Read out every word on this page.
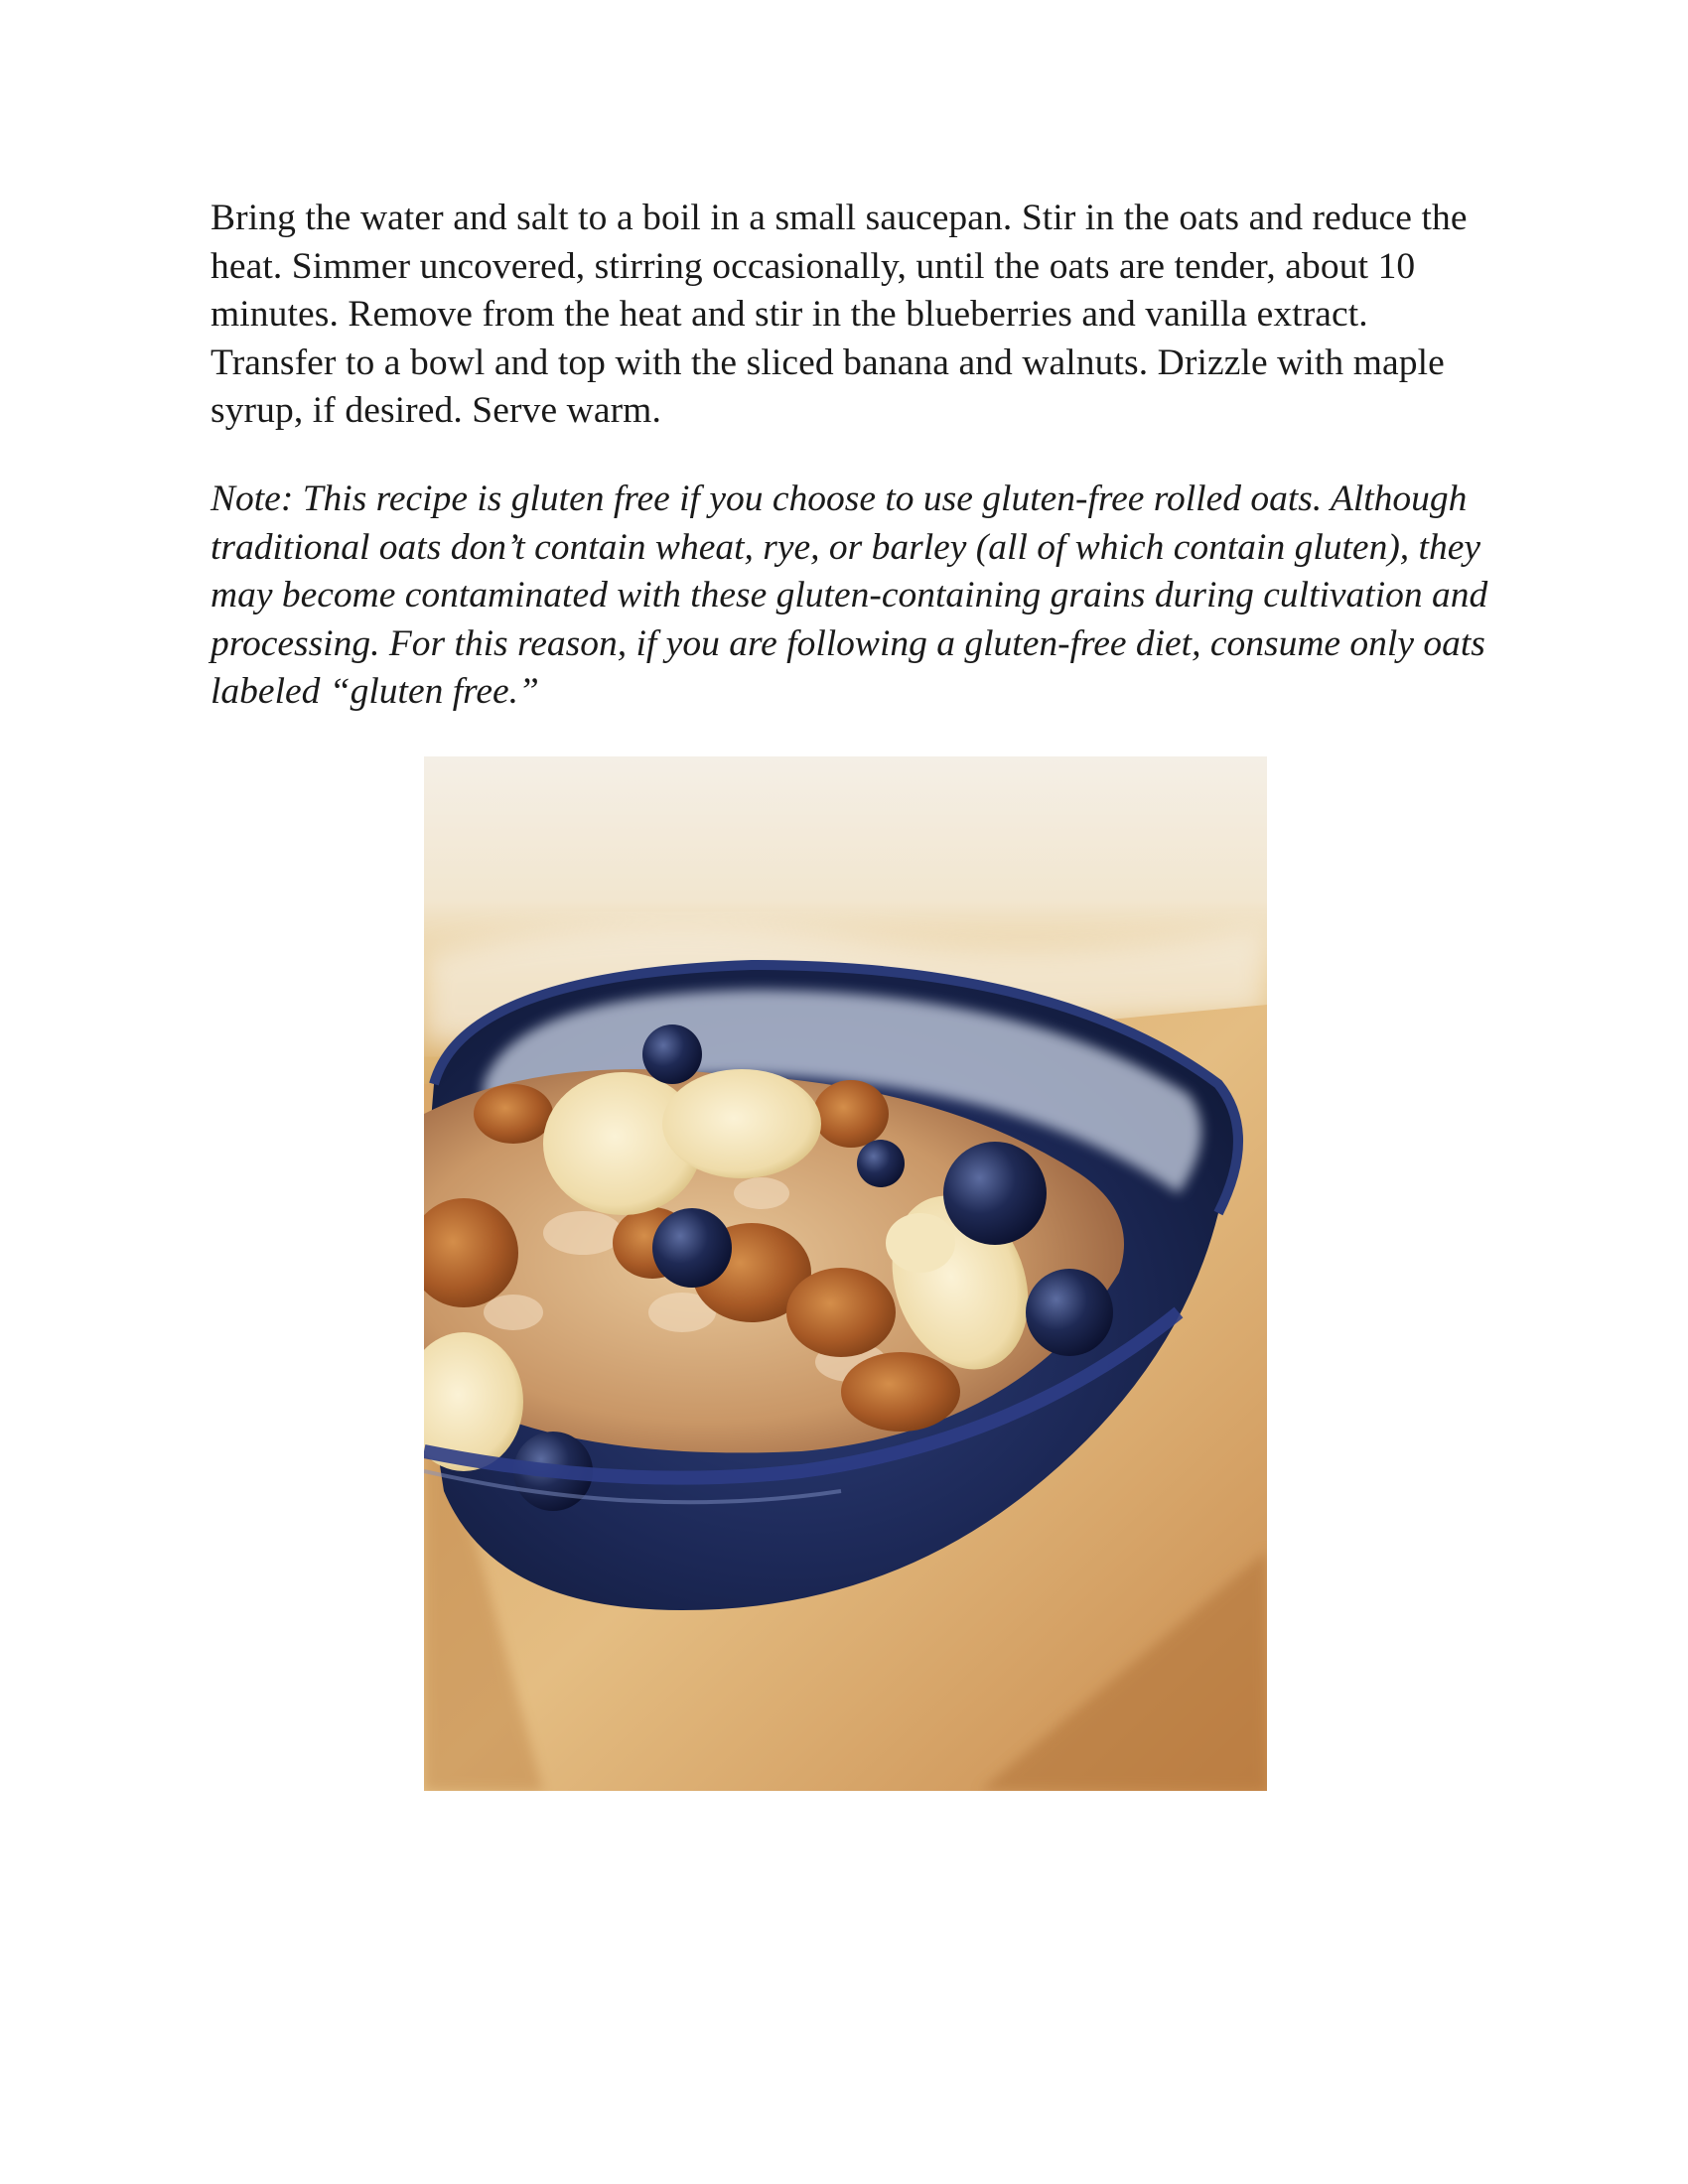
Bring the water and salt to a boil in a small saucepan. Stir in the oats and reduce the heat. Simmer uncovered, stirring occasionally, until the oats are tender, about 10 minutes. Remove from the heat and stir in the blueberries and vanilla extract. Transfer to a bowl and top with the sliced banana and walnuts. Drizzle with maple syrup, if desired. Serve warm.

Note: This recipe is gluten free if you choose to use gluten-free rolled oats. Although traditional oats don’t contain wheat, rye, or barley (all of which contain gluten), they may become contaminated with these gluten-containing grains during cultivation and processing. For this reason, if you are following a gluten-free diet, consume only oats labeled “gluten free.”
